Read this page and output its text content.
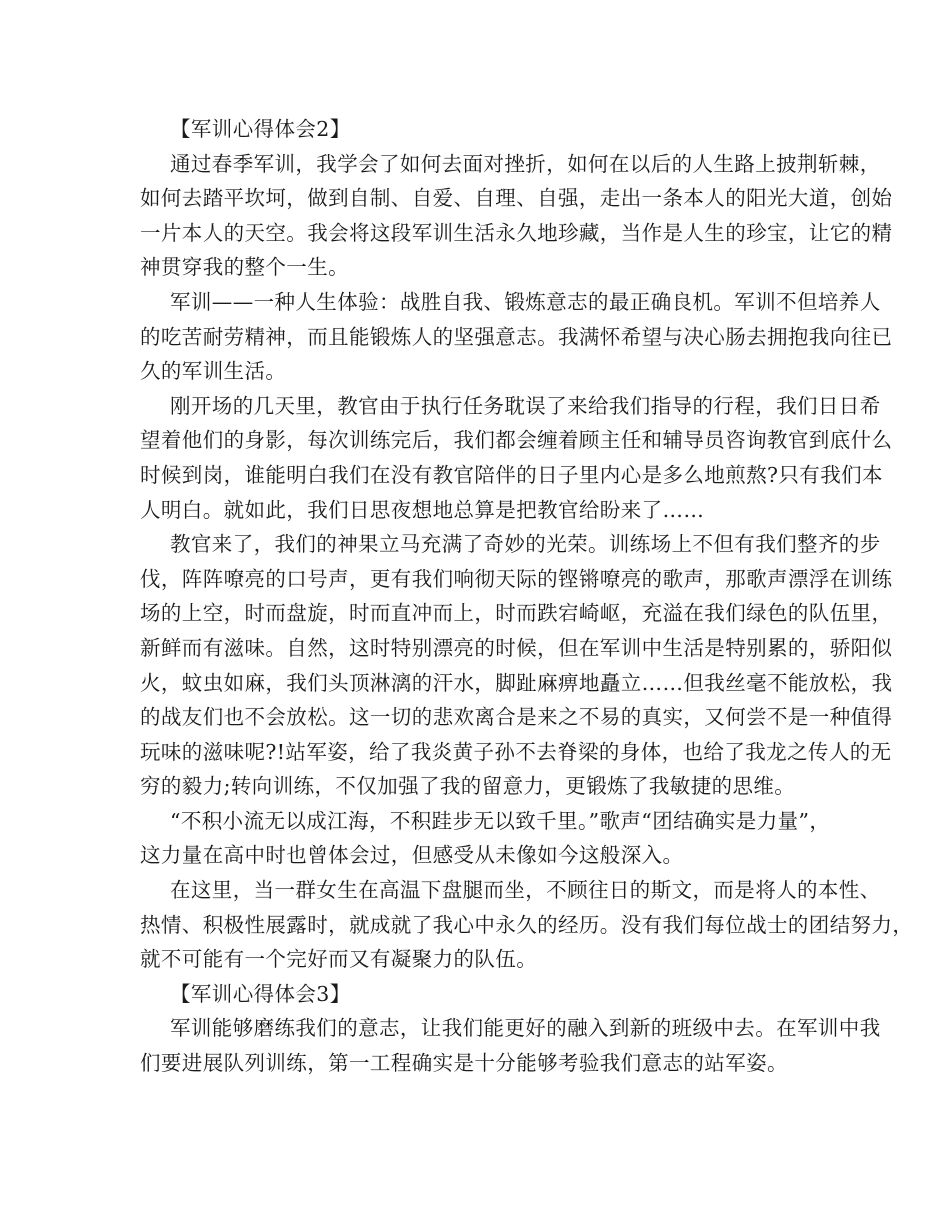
【军训心得体会2】
通过春季军训，我学会了如何去面对挫折，如何在以后的人生路上披荆斩棘，
如何去踏平坎坷，做到自制、自爱、自理、自强，走出一条本人的阳光大道，创始
一片本人的天空。我会将这段军训生活永久地珍藏，当作是人生的珍宝，让它的精
神贯穿我的整个一生。
军训——一种人生体验：战胜自我、锻炼意志的最正确良机。军训不但培养人
的吃苦耐劳精神，而且能锻炼人的坚强意志。我满怀希望与决心肠去拥抱我向往已
久的军训生活。
刚开场的几天里，教官由于执行任务耽误了来给我们指导的行程，我们日日希
望着他们的身影，每次训练完后，我们都会缠着顾主任和辅导员咨询教官到底什么
时候到岗，谁能明白我们在没有教官陪伴的日子里内心是多么地煎熬?只有我们本
人明白。就如此，我们日思夜想地总算是把教官给盼来了……
教官来了，我们的神果立马充满了奇妙的光荣。训练场上不但有我们整齐的步
伐，阵阵嘹亮的口号声，更有我们响彻天际的铿锵嘹亮的歌声，那歌声漂浮在训练
场的上空，时而盘旋，时而直冲而上，时而跌宕崎岖，充溢在我们绿色的队伍里，
新鲜而有滋味。自然，这时特别漂亮的时候，但在军训中生活是特别累的，骄阳似
火，蚊虫如麻，我们头顶淋漓的汗水，脚趾麻痹地矗立……但我丝毫不能放松，我
的战友们也不会放松。这一切的悲欢离合是来之不易的真实，又何尝不是一种值得
玩味的滋味呢?!站军姿，给了我炎黄子孙不去脊梁的身体，也给了我龙之传人的无
穷的毅力;转向训练，不仅加强了我的留意力，更锻炼了我敏捷的思维。
“不积小流无以成江海，不积跬步无以致千里。”歌声“团结确实是力量”，
这力量在高中时也曾体会过，但感受从未像如今这般深入。
在这里，当一群女生在高温下盘腿而坐，不顾往日的斯文，而是将人的本性、
热情、积极性展露时，就成就了我心中永久的经历。没有我们每位战士的团结努力，
就不可能有一个完好而又有凝聚力的队伍。
【军训心得体会3】
军训能够磨练我们的意志，让我们能更好的融入到新的班级中去。在军训中我
们要进展队列训练，第一工程确实是十分能够考验我们意志的站军姿。
